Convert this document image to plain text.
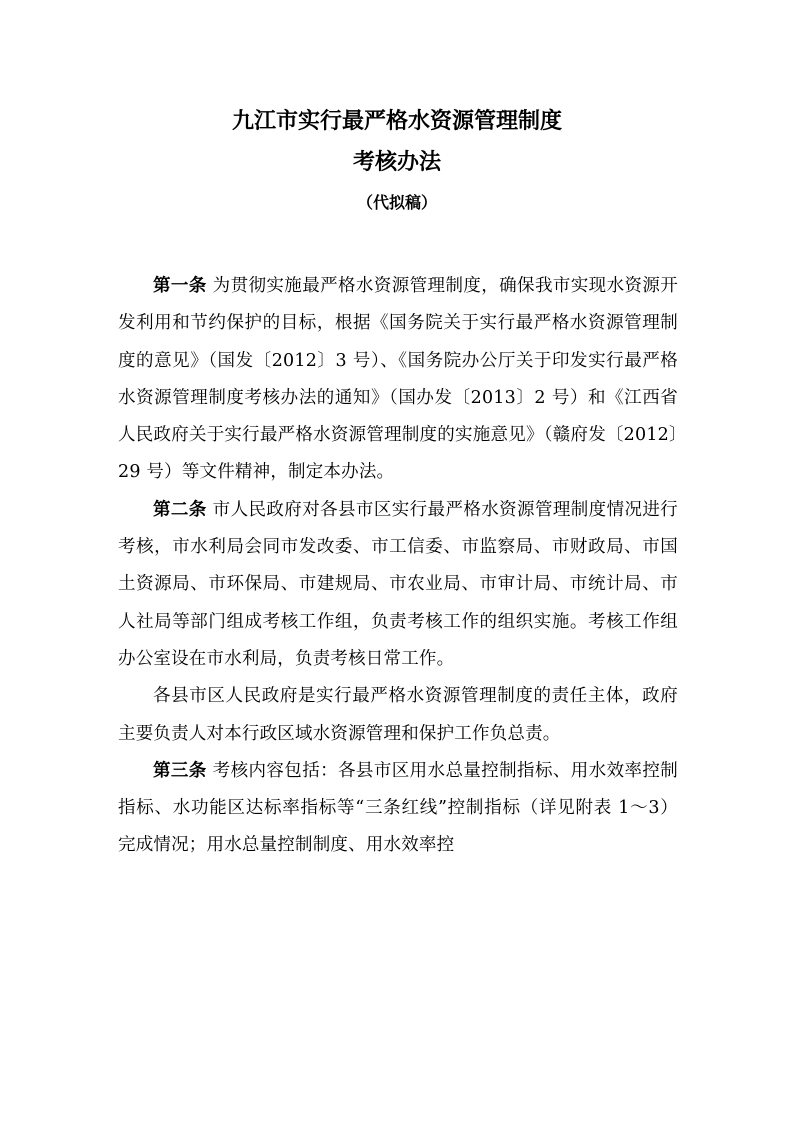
九江市实行最严格水资源管理制度
考核办法
（代拟稿）

第一条 为贯彻实施最严格水资源管理制度，确保我市实现水资源开发利用和节约保护的目标，根据《国务院关于实行最严格水资源管理制度的意见》（国发〔2012〕3 号）、《国务院办公厅关于印发实行最严格水资源管理制度考核办法的通知》（国办发〔2013〕2 号）和《江西省人民政府关于实行最严格水资源管理制度的实施意见》（赣府发〔2012〕29 号）等文件精神，制定本办法。

第二条 市人民政府对各县市区实行最严格水资源管理制度情况进行考核，市水利局会同市发改委、市工信委、市监察局、市财政局、市国土资源局、市环保局、市建规局、市农业局、市审计局、市统计局、市人社局等部门组成考核工作组，负责考核工作的组织实施。考核工作组办公室设在市水利局，负责考核日常工作。

各县市区人民政府是实行最严格水资源管理制度的责任主体，政府主要负责人对本行政区域水资源管理和保护工作负总责。

第三条 考核内容包括：各县市区用水总量控制指标、用水效率控制指标、水功能区达标率指标等“三条红线”控制指标（详见附表 1～3）完成情况；用水总量控制制度、用水效率控
